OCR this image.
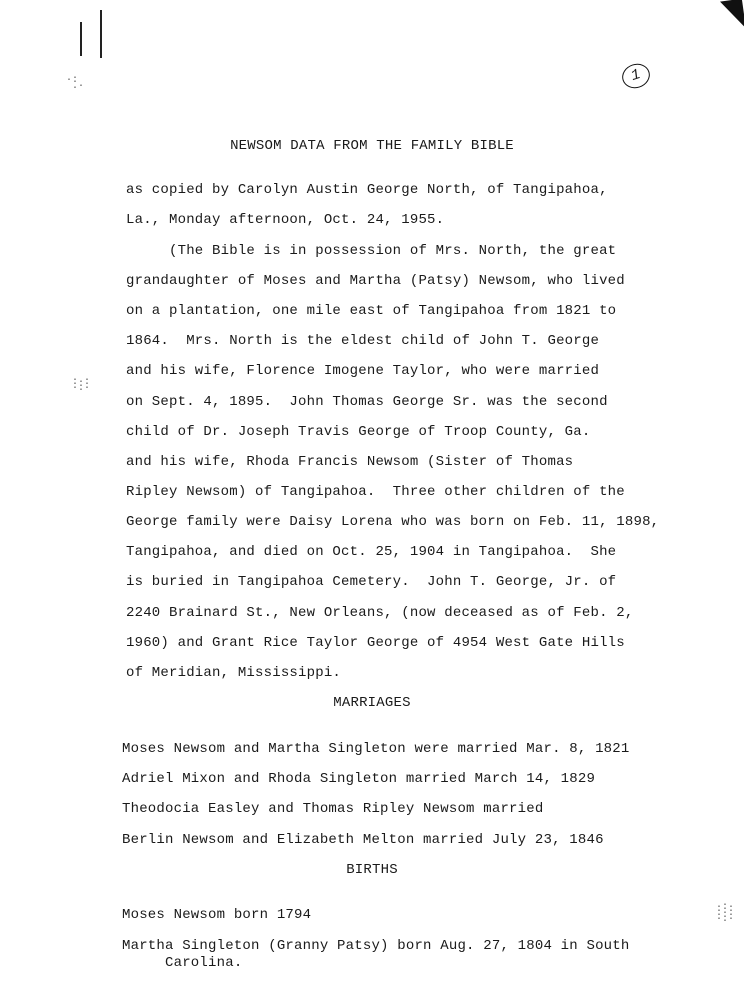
·:
.·
:·:
·:·
·:·
:·:
·:·
1
NEWSOM DATA FROM THE FAMILY BIBLE
as copied by Carolyn Austin George North, of Tangipahoa,
La., Monday afternoon, Oct. 24, 1955.
(The Bible is in possession of Mrs. North, the great
grandaughter of Moses and Martha (Patsy) Newsom, who lived
on a plantation, one mile east of Tangipahoa from 1821 to
1864.  Mrs. North is the eldest child of John T. George
and his wife, Florence Imogene Taylor, who were married
on Sept. 4, 1895.  John Thomas George Sr. was the second
child of Dr. Joseph Travis George of Troop County, Ga.
and his wife, Rhoda Francis Newsom (Sister of Thomas
Ripley Newsom) of Tangipahoa.  Three other children of the
George family were Daisy Lorena who was born on Feb. 11, 1898,
Tangipahoa, and died on Oct. 25, 1904 in Tangipahoa.  She
is buried in Tangipahoa Cemetery.  John T. George, Jr. of
2240 Brainard St., New Orleans, (now deceased as of Feb. 2,
1960) and Grant Rice Taylor George of 4954 West Gate Hills
of Meridian, Mississippi.
MARRIAGES
Moses Newsom and Martha Singleton were married Mar. 8, 1821
Adriel Mixon and Rhoda Singleton married March 14, 1829
Theodocia Easley and Thomas Ripley Newsom married
Berlin Newsom and Elizabeth Melton married July 23, 1846
BIRTHS
Moses Newsom born 1794
Martha Singleton (Granny Patsy) born Aug. 27, 1804 in South
Carolina.
